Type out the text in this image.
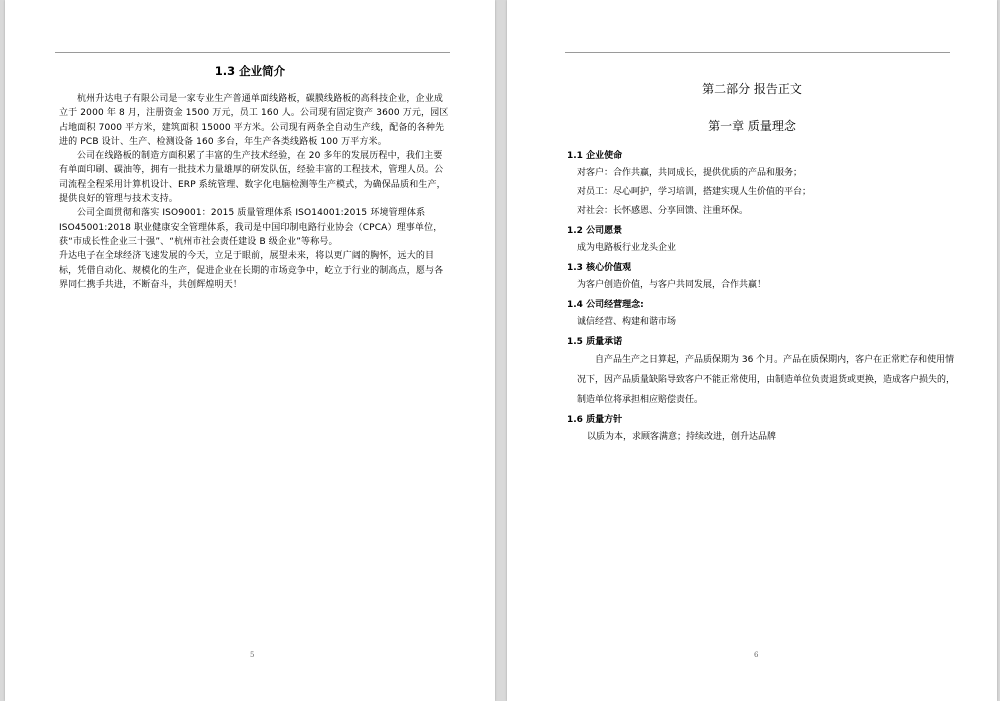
1.3 企业简介

杭州升达电子有限公司是一家专业生产普通单面线路板，碳膜线路板的高科技企业，企业成立于 2000 年 8 月，注册资金 1500 万元，员工 160 人。公司现有固定资产 3600 万元，园区占地面积 7000 平方米，建筑面积 15000 平方米。公司现有两条全自动生产线，配备的各种先进的 PCB 设计、生产、检测设备 160 多台，年生产各类线路板 100 万平方米。

公司在线路板的制造方面积累了丰富的生产技术经验，在 20 多年的发展历程中，我们主要有单面印刷、碳油等，拥有一批技术力量雄厚的研发队伍，经验丰富的工程技术，管理人员。公司流程全程采用计算机设计、ERP 系统管理、数字化电脑检测等生产模式，为确保品质和生产，提供良好的管理与技术支持。

公司全面贯彻和落实 ISO9001：2015 质量管理体系 ISO14001:2015 环境管理体系 ISO45001:2018 职业健康安全管理体系，我司是中国印制电路行业协会（CPCA）理事单位，获“市成长性企业三十强”、“杭州市社会责任建设 B 级企业”等称号。

升达电子在全球经济飞速发展的今天，立足于眼前，展望未来，将以更广阔的胸怀，远大的目标，凭借自动化、规模化的生产，促进企业在长期的市场竞争中，屹立于行业的制高点，愿与各界同仁携手共进，不断奋斗，共创辉煌明天！

5
第二部分 报告正文
第一章 质量理念

1.1 企业使命

对客户：合作共赢，共同成长，提供优质的产品和服务；

对员工：尽心呵护，学习培训，搭建实现人生价值的平台；

对社会：长怀感恩、分享回馈、注重环保。

1.2 公司愿景

成为电路板行业龙头企业

1.3 核心价值观

为客户创造价值，与客户共同发展，合作共赢！

1.4 公司经营理念:

诚信经营、构建和谐市场

1.5 质量承诺

自产品生产之日算起，产品质保期为 36 个月。产品在质保期内，客户在正常贮存和使用情况下，因产品质量缺陷导致客户不能正常使用，由制造单位负责退货或更换，造成客户损失的，制造单位将承担相应赔偿责任。

1.6 质量方针

以质为本，求顾客满意；持续改进，创升达品牌

6
